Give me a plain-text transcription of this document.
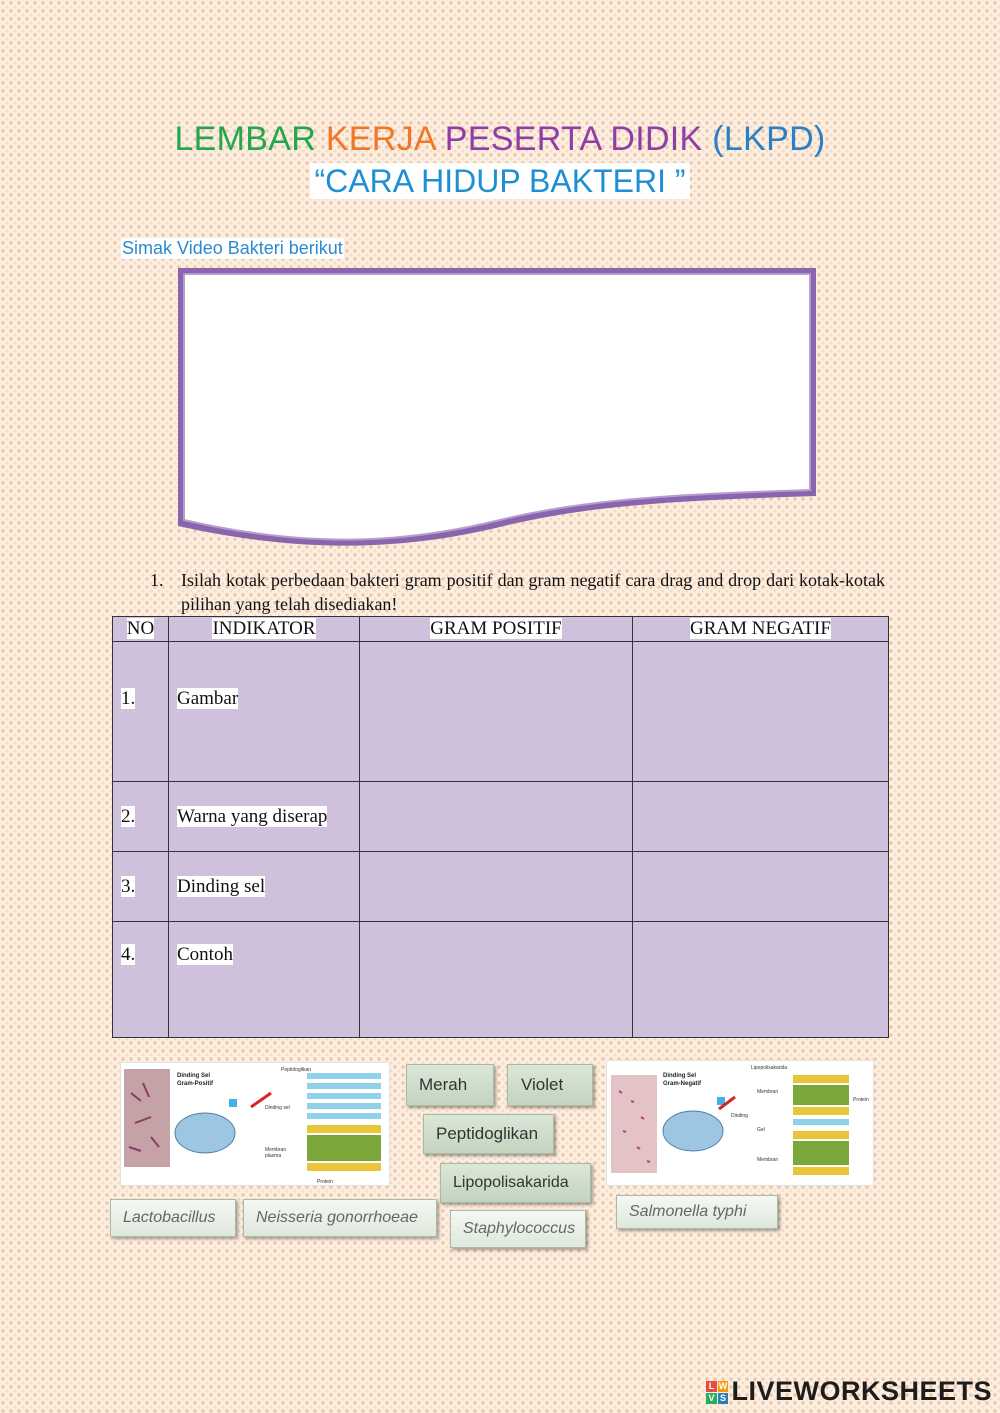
LEMBAR KERJA PESERTA DIDIK (LKPD)
“CARA HIDUP BAKTERI ”
Simak Video Bakteri berikut
1. Isilah kotak perbedaan bakteri gram positif dan gram negatif cara drag and drop dari kotak-kotak pilihan yang telah disediakan!
NO	INDIKATOR	GRAM POSITIF	GRAM NEGATIF
1.	Gambar		
2.	Warna yang diserap		
3.	Dinding sel		
4.	Contoh		
Dinding Sel
Gram-Positif
Peptidoglikan
Dinding sel
Membran
plasma
Protein
Dinding Sel
Gram-Negatif
Lipopolisakarida
Membran
Dinding
Gel
Membran
Protein
Merah	Violet
Peptidoglikan
Lipopolisakarida
Lactobacillus	Neisseria gonorrhoeae
Staphylococcus
Salmonella typhi
L W
V S LIVEWORKSHEETS
